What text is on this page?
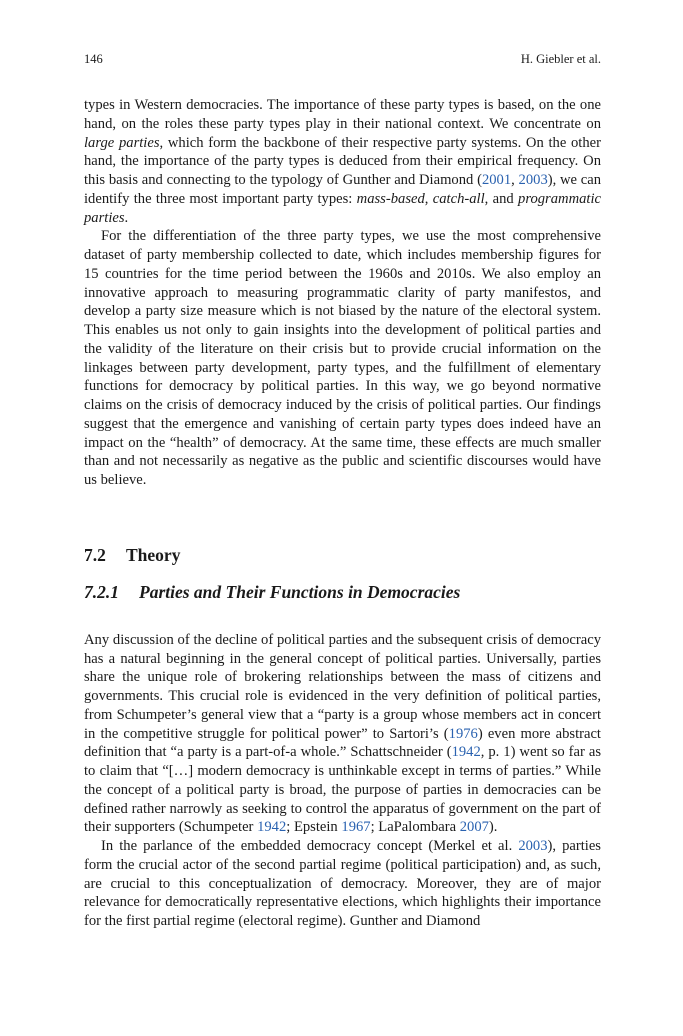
146	H. Giebler et al.

types in Western democracies. The importance of these party types is based, on the one hand, on the roles these party types play in their national context. We concentrate on large parties, which form the backbone of their respective party systems. On the other hand, the importance of the party types is deduced from their empirical frequency. On this basis and connecting to the typology of Gunther and Diamond (2001, 2003), we can identify the three most important party types: mass-based, catch-all, and programmatic parties.

For the differentiation of the three party types, we use the most comprehensive dataset of party membership collected to date, which includes membership figures for 15 countries for the time period between the 1960s and 2010s. We also employ an innovative approach to measuring programmatic clarity of party manifestos, and develop a party size measure which is not biased by the nature of the electoral system. This enables us not only to gain insights into the development of political parties and the validity of the literature on their crisis but to provide crucial information on the linkages between party development, party types, and the fulfillment of elementary functions for democracy by political parties. In this way, we go beyond normative claims on the crisis of democracy induced by the crisis of political parties. Our findings suggest that the emergence and vanishing of certain party types does indeed have an impact on the “health” of democracy. At the same time, these effects are much smaller than and not necessarily as negative as the public and scientific discourses would have us believe.

7.2 Theory
7.2.1 Parties and Their Functions in Democracies

Any discussion of the decline of political parties and the subsequent crisis of democracy has a natural beginning in the general concept of political parties. Universally, parties share the unique role of brokering relationships between the mass of citizens and governments. This crucial role is evidenced in the very definition of political parties, from Schumpeter’s general view that a “party is a group whose members act in concert in the competitive struggle for political power” to Sartori’s (1976) even more abstract definition that “a party is a part-of-a whole.” Schattschneider (1942, p. 1) went so far as to claim that “[…] modern democracy is unthinkable except in terms of parties.” While the concept of a political party is broad, the purpose of parties in democracies can be defined rather narrowly as seeking to control the apparatus of government on the part of their supporters (Schumpeter 1942; Epstein 1967; LaPalombara 2007).

In the parlance of the embedded democracy concept (Merkel et al. 2003), parties form the crucial actor of the second partial regime (political participation) and, as such, are crucial to this conceptualization of democracy. Moreover, they are of major relevance for democratically representative elections, which highlights their importance for the first partial regime (electoral regime). Gunther and Diamond
